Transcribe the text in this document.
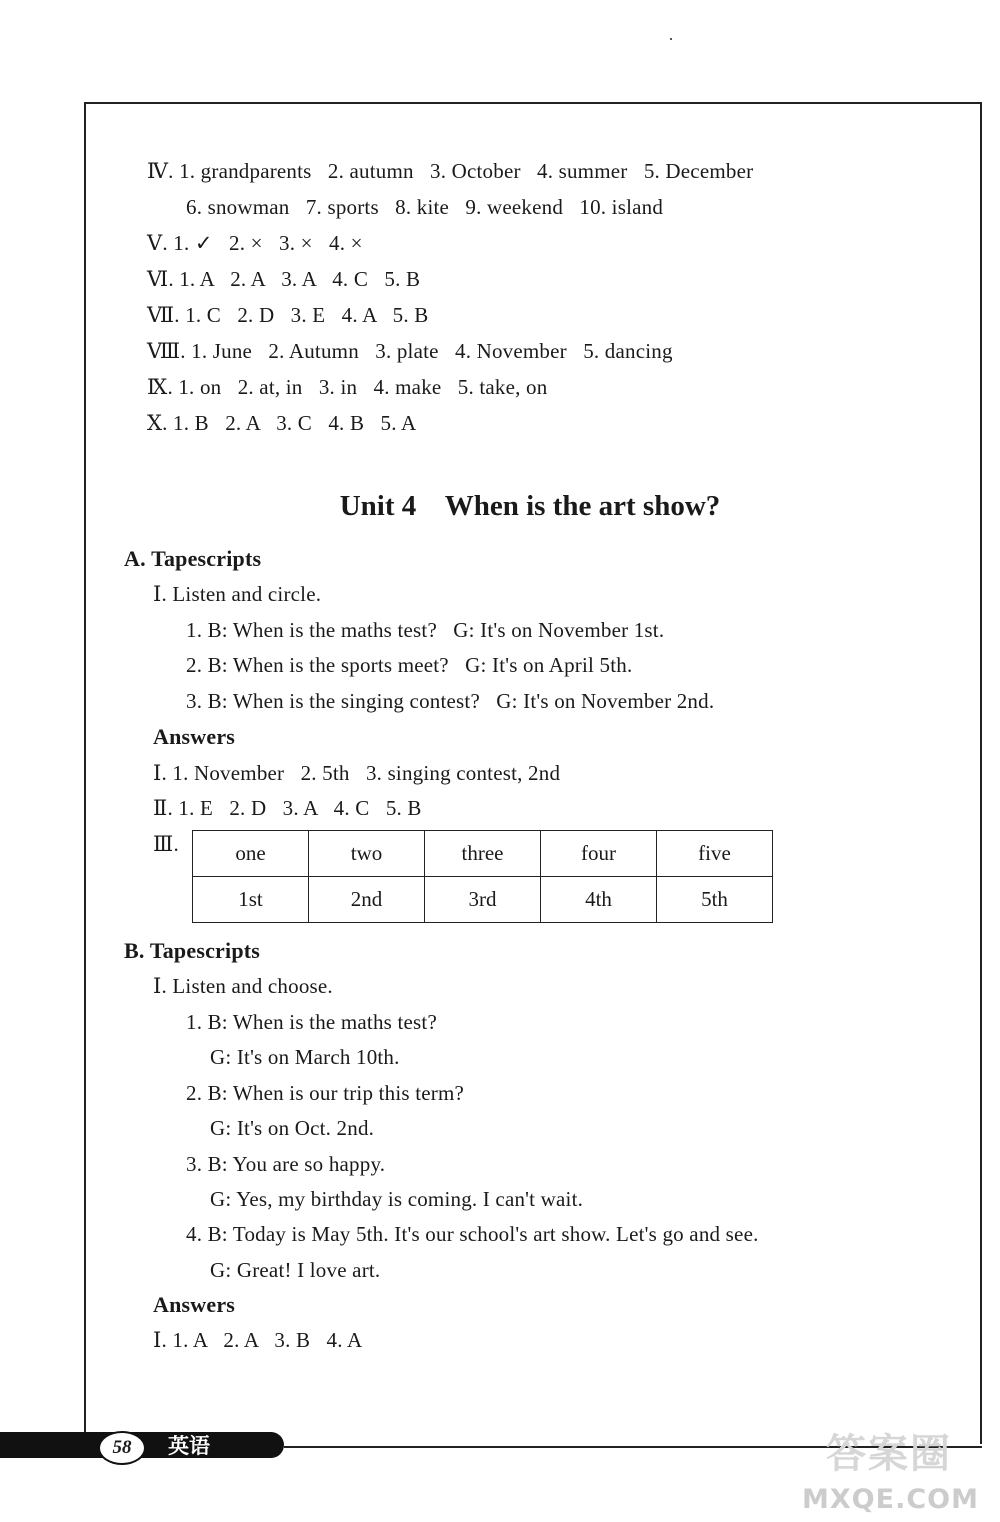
Ⅳ. 1. grandparents   2. autumn   3. October   4. summer   5. December
6. snowman   7. sports   8. kite   9. weekend   10. island
Ⅴ. 1. ✓   2. ×   3. ×   4. ×
Ⅵ. 1. A   2. A   3. A   4. C   5. B
Ⅶ. 1. C   2. D   3. E   4. A   5. B
Ⅷ. 1. June   2. Autumn   3. plate   4. November   5. dancing
Ⅸ. 1. on   2. at, in   3. in   4. make   5. take, on
Ⅹ. 1. B   2. A   3. C   4. B   5. A
Unit 4    When is the art show?
A. Tapescripts
Ⅰ. Listen and circle.
1. B: When is the maths test?   G: It's on November 1st.
2. B: When is the sports meet?   G: It's on April 5th.
3. B: When is the singing contest?   G: It's on November 2nd.
Answers
Ⅰ. 1. November   2. 5th   3. singing contest, 2nd
Ⅱ. 1. E   2. D   3. A   4. C   5. B
Ⅲ.	one	two	three	four	five
1st	2nd	3rd	4th	5th
B. Tapescripts
Ⅰ. Listen and choose.
1. B: When is the maths test?
G: It's on March 10th.
2. B: When is our trip this term?
G: It's on Oct. 2nd.
3. B: You are so happy.
G: Yes, my birthday is coming. I can't wait.
4. B: Today is May 5th. It's our school's art show. Let's go and see.
G: Great! I love art.
Answers
Ⅰ. 1. A   2. A   3. B   4. A
58	英语	答案圈
MXQE.COM
